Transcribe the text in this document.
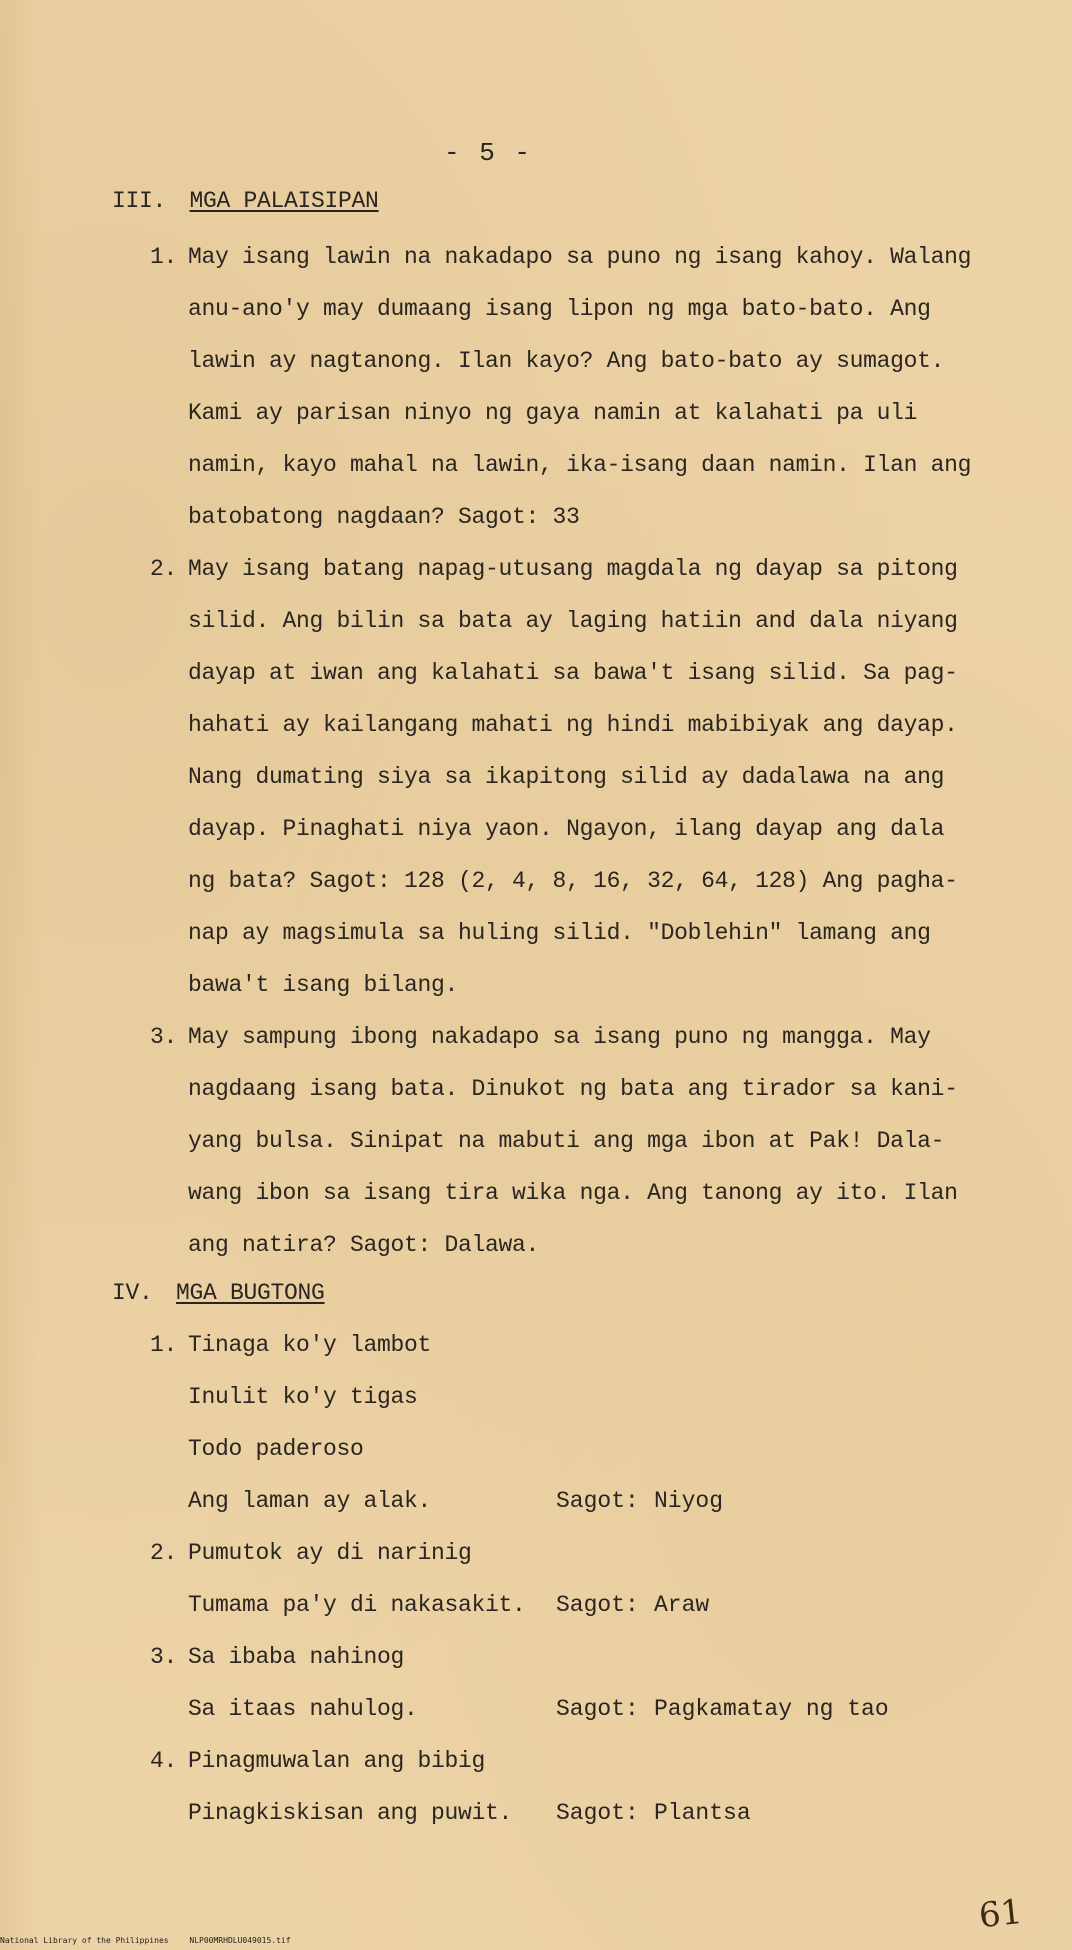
- 5 -
III. MGA PALAISIPAN
1. May isang lawin na nakadapo sa puno ng isang kahoy. Walang
anu-ano'y may dumaang isang lipon ng mga bato-bato. Ang
lawin ay nagtanong. Ilan kayo? Ang bato-bato ay sumagot.
Kami ay parisan ninyo ng gaya namin at kalahati pa uli
namin, kayo mahal na lawin, ika-isang daan namin. Ilan ang
batobatong nagdaan? Sagot: 33
2. May isang batang napag-utusang magdala ng dayap sa pitong
silid. Ang bilin sa bata ay laging hatiin and dala niyang
dayap at iwan ang kalahati sa bawa't isang silid. Sa pag-
hahati ay kailangang mahati ng hindi mabibiyak ang dayap.
Nang dumating siya sa ikapitong silid ay dadalawa na ang
dayap. Pinaghati niya yaon. Ngayon, ilang dayap ang dala
ng bata? Sagot: 128 (2, 4, 8, 16, 32, 64, 128) Ang pagha-
nap ay magsimula sa huling silid. "Doblehin" lamang ang
bawa't isang bilang.
3. May sampung ibong nakadapo sa isang puno ng mangga. May
nagdaang isang bata. Dinukot ng bata ang tirador sa kani-
yang bulsa. Sinipat na mabuti ang mga ibon at Pak! Dala-
wang ibon sa isang tira wika nga. Ang tanong ay ito. Ilan
ang natira? Sagot: Dalawa.
IV. MGA BUGTONG
1. Tinaga ko'y lambot
Inulit ko'y tigas
Todo paderoso
Ang laman ay alak.	Sagot: Niyog
2. Pumutok ay di narinig
Tumama pa'y di nakasakit. Sagot: Araw
3. Sa ibaba nahinog
Sa itaas nahulog.	Sagot: Pagkamatay ng tao
4. Pinagmuwalan ang bibig
Pinagkiskisan ang puwit. Sagot: Plantsa
61
National Library of the Philippines	NLP00MRHDLU049015.tif
